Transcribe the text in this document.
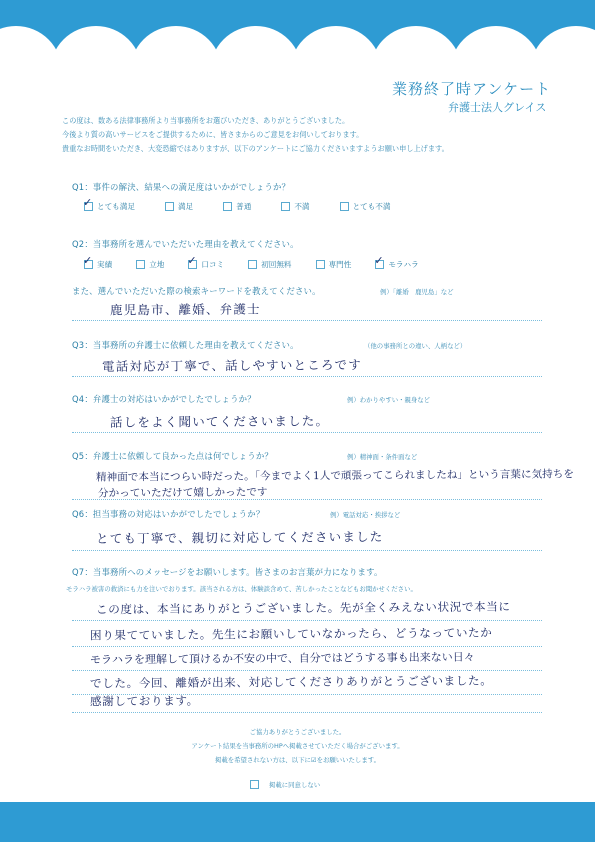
業務終了時アンケート
弁護士法人グレイス
この度は、数ある法律事務所より当事務所をお選びいただき、ありがとうございました。
今後より質の高いサービスをご提供するために、皆さまからのご意見をお伺いしております。
貴重なお時間をいただき、大変恐縮ではありますが、以下のアンケートにご協力くださいますようお願い申し上げます。
Q1：事件の解決、結果への満足度はいかがでしょうか？
✓
とても満足	満足	普通	不満	とても不満
Q2：当事務所を選んでいただいた理由を教えてください。
✓
実績	立地 ✓	口コミ	初回無料	専門性 ✓	モラハラ
また、選んでいただいた際の検索キーワードを教えてください。	例）「離婚　鹿児島」など
鹿児島市、離婚、弁護士
Q3：当事務所の弁護士に依頼した理由を教えてください。	（他の事務所との違い、人柄など）
電話対応が丁寧で、話しやすいところです
Q4：弁護士の対応はいかがでしたでしょうか？	例）わかりやすい・親身など
話しをよく聞いてくださいました。
Q5：弁護士に依頼して良かった点は何でしょうか？	例）精神面・条件面など
精神面で本当につらい時だった。「今までよく1人で頑張ってこられましたね」という言葉に気持ちを
分かっていただけて嬉しかったです
Q6：担当事務の対応はいかがでしたでしょうか？	例）電話対応・挨拶など
とても丁寧で、親切に対応してくださいました
Q7：当事務所へのメッセージをお願いします。皆さまのお言葉が力になります。
モラハラ被害の救済にも力を注いでおります。該当される方は、体験談含めて、苦しかったことなどもお聞かせください。
この度は、本当にありがとうございました。先が全くみえない状況で本当に
困り果てていました。先生にお願いしていなかったら、どうなっていたか
モラハラを理解して頂けるか不安の中で、自分ではどうする事も出来ない日々
でした。今回、離婚が出来、対応してくださりありがとうございました。
感謝しております。
ご協力ありがとうございました。
アンケート結果を当事務所のHPへ掲載させていただく場合がございます。
掲載を希望されない方は、以下に☑をお願いいたします。
掲載に同意しない
